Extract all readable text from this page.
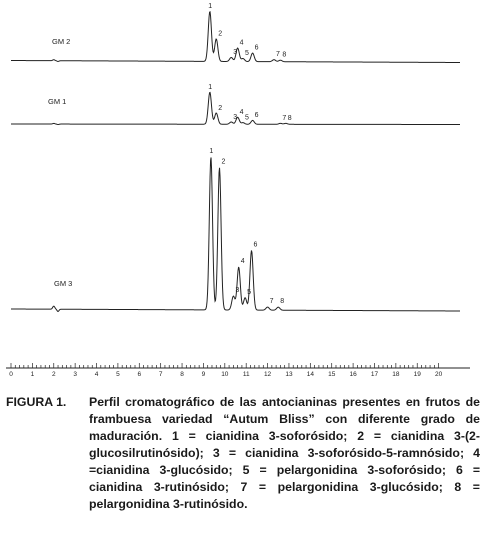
GM 2
1
2
3
4
5
6
7 8
GM 1
1
2
3
4
5 6	7 8
GM 3
1
2
3
4
5
6
7 8
0	1	2	3	4	5	6	7	8	9 10 11 12 13 14 15 16 17 18 19 20
FIGURA 1. Perfil cromatográfico de las antocianinas presentes en frutos de frambuesa variedad “Autum Bliss” con diferente grado de maduración. 1 = cianidina 3-soforósido; 2 = cianidina 3-(2-glucosilrutinósido); 3 = cianidina 3-soforósido-5-ramnósido; 4 =cianidina 3-glucósido; 5 = pelargonidina 3-soforósido; 6 = cianidina 3-rutinósido; 7 = pelargonidina 3-glucósido; 8 = pelargonidina 3-rutinósido.
